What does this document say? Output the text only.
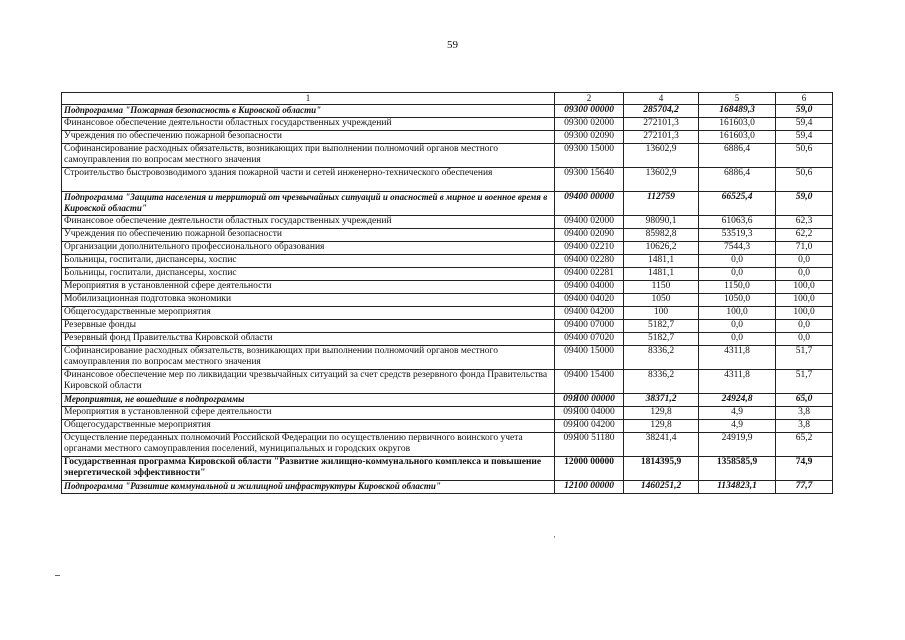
59
1	2	4	5	6
Подпрограмма "Пожарная безопасность в Кировской области"	09300 00000	285704,2	168489,3	59,0
Финансовое обеспечение деятельности областных государственных учреждений	09300 02000	272101,3	161603,0	59,4
Учреждения по обеспечению пожарной безопасности	09300 02090	272101,3	161603,0	59,4
Софинансирование расходных обязательств, возникающих при выполнении полномочий органов местного самоуправления по вопросам местного значения	09300 15000	13602,9	6886,4	50,6
Строительство быстровозводимого здания пожарной части и сетей инженерно-технического обеспечения	09300 15640	13602,9	6886,4	50,6
Подпрограмма "Защита населения и территорий от чрезвычайных ситуаций и опасностей в мирное и военное время в Кировской области"	09400 00000	112759	66525,4	59,0
Финансовое обеспечение деятельности областных государственных учреждений	09400 02000	98090,1	61063,6	62,3
Учреждения по обеспечению пожарной безопасности	09400 02090	85982,8	53519,3	62,2
Организации дополнительного профессионального образования	09400 02210	10626,2	7544,3	71,0
Больницы, госпитали, диспансеры, хоспис	09400 02280	1481,1	0,0	0,0
Больницы, госпитали, диспансеры, хоспис	09400 02281	1481,1	0,0	0,0
Мероприятия в установленной сфере деятельности	09400 04000	1150	1150,0	100,0
Мобилизационная подготовка экономики	09400 04020	1050	1050,0	100,0
Общегосударственные мероприятия	09400 04200	100	100,0	100,0
Резервные фонды	09400 07000	5182,7	0,0	0,0
Резервный фонд Правительства Кировской области	09400 07020	5182,7	0,0	0,0
Софинансирование расходных обязательств, возникающих при выполнении полномочий органов местного самоуправления по вопросам местного значения	09400 15000	8336,2	4311,8	51,7
Финансовое обеспечение мер по ликвидации чрезвычайных ситуаций за счет средств резервного фонда Правительства Кировской области	09400 15400	8336,2	4311,8	51,7
Мероприятия, не вошедшие в подпрограммы	09Я00 00000	38371,2	24924,8	65,0
Мероприятия в установленной сфере деятельности	09Я00 04000	129,8	4,9	3,8
Общегосударственные мероприятия	09Я00 04200	129,8	4,9	3,8
Осуществление переданных полномочий Российской Федерации по осуществлению первичного воинского учета органами местного самоуправления поселений, муниципальных и городских округов	09Я00 51180	38241,4	24919,9	65,2
Государственная программа Кировской области "Развитие жилищно-коммунального комплекса и повышение энергетической эффективности"	12000 00000	1814395,9	1358585,9	74,9
Подпрограмма "Развитие коммунальной и жилищной инфраструктуры Кировской области"	12100 00000	1460251,2	1134823,1	77,7
·
